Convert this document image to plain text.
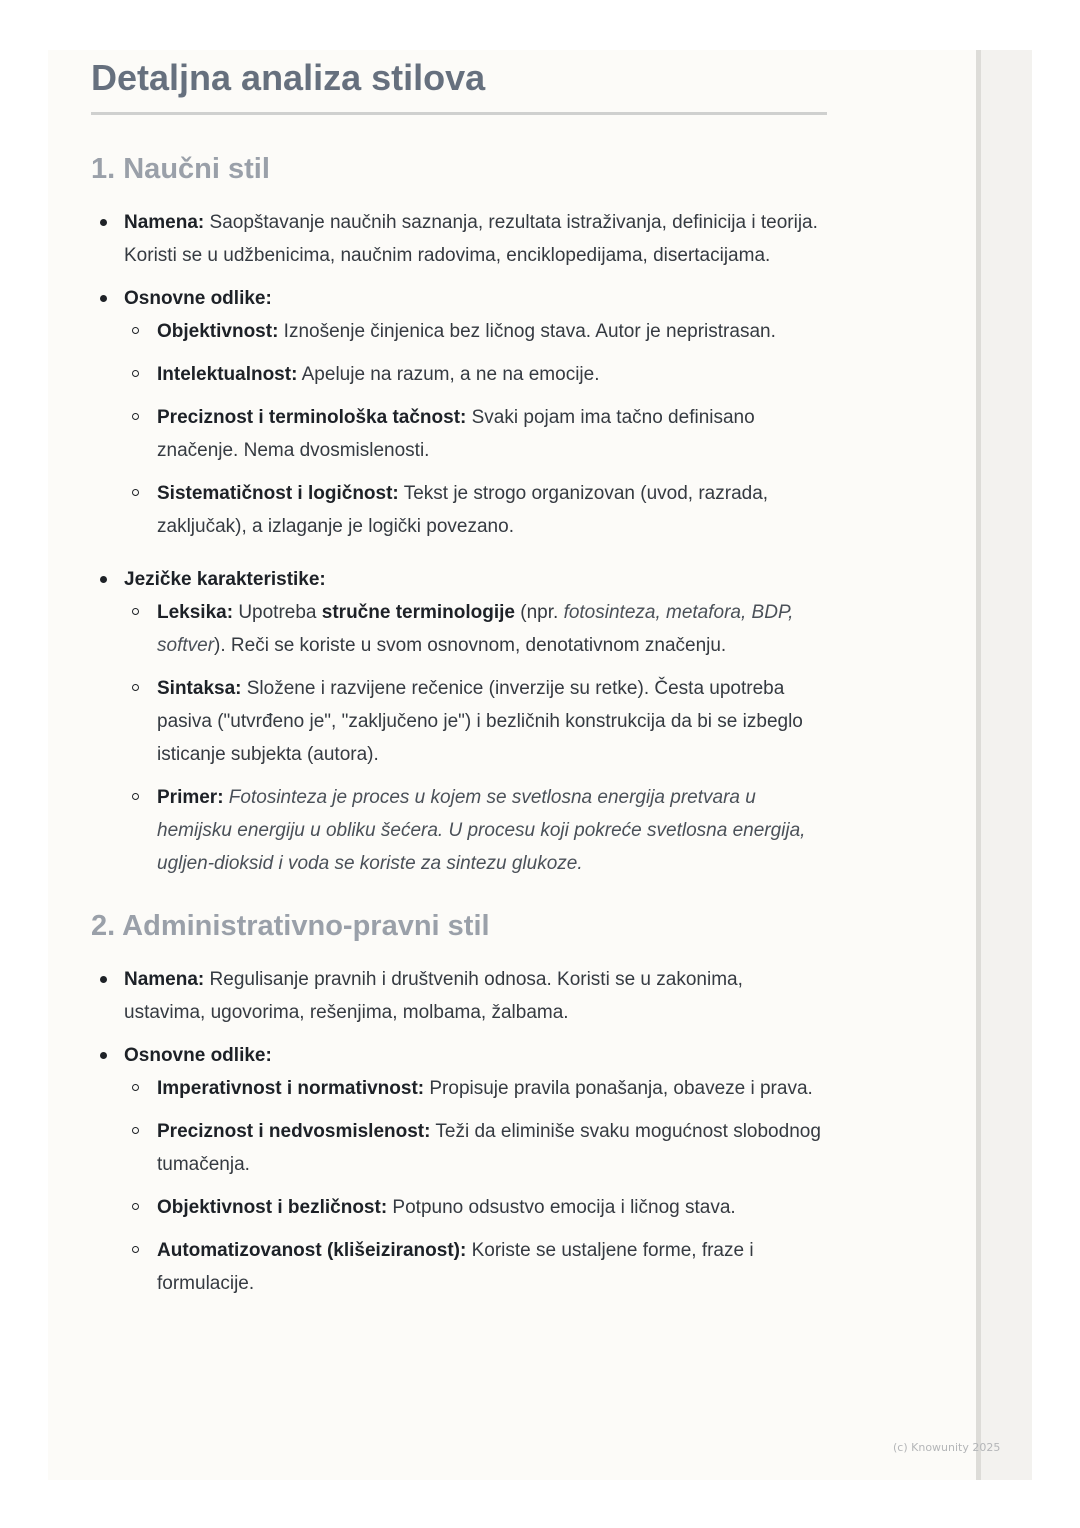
Detaljna analiza stilova
1. Naučni stil
Namena: Saopštavanje naučnih saznanja, rezultata istraživanja, definicija i teorija. Koristi se u udžbenicima, naučnim radovima, enciklopedijama, disertacijama.
Osnovne odlike:
Objektivnost: Iznošenje činjenica bez ličnog stava. Autor je nepristrasan.
Intelektualnost: Apeluje na razum, a ne na emocije.
Preciznost i terminološka tačnost: Svaki pojam ima tačno definisano značenje. Nema dvosmislenosti.
Sistematičnost i logičnost: Tekst je strogo organizovan (uvod, razrada, zaključak), a izlaganje je logički povezano.
Jezičke karakteristike:
Leksika: Upotreba stručne terminologije (npr. fotosinteza, metafora, BDP, softver). Reči se koriste u svom osnovnom, denotativnom značenju.
Sintaksa: Složene i razvijene rečenice (inverzije su retke). Česta upotreba pasiva ("utvrđeno je", "zaključeno je") i bezličnih konstrukcija da bi se izbeglo isticanje subjekta (autora).
Primer: Fotosinteza je proces u kojem se svetlosna energija pretvara u hemijsku energiju u obliku šećera. U procesu koji pokreće svetlosna energija, ugljen-dioksid i voda se koriste za sintezu glukoze.
2. Administrativno-pravni stil
Namena: Regulisanje pravnih i društvenih odnosa. Koristi se u zakonima, ustavima, ugovorima, rešenjima, molbama, žalbama.
Osnovne odlike:
Imperativnost i normativnost: Propisuje pravila ponašanja, obaveze i prava.
Preciznost i nedvosmislenost: Teži da eliminiše svaku mogućnost slobodnog tumačenja.
Objektivnost i bezličnost: Potpuno odsustvo emocija i ličnog stava.
Automatizovanost (klišeiziranost): Koriste se ustaljene forme, fraze i formulacije.
(c) Knowunity 2025
